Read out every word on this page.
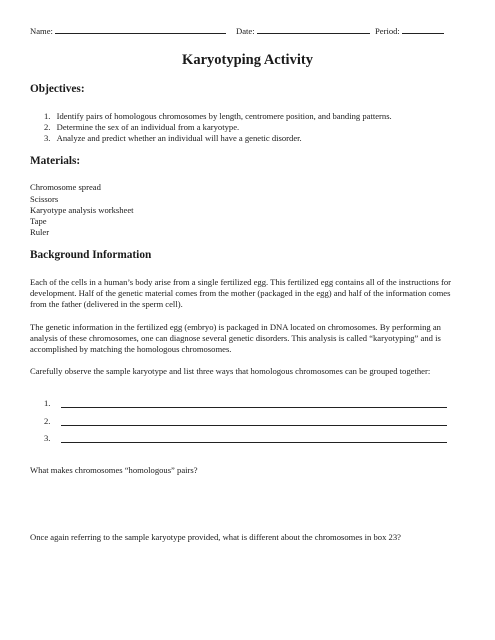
Name:	Date:	Period:
Karyotyping Activity
Objectives:
1. Identify pairs of homologous chromosomes by length, centromere position, and banding patterns.
2. Determine the sex of an individual from a karyotype.
3. Analyze and predict whether an individual will have a genetic disorder.
Materials:
Chromosome spread
Scissors
Karyotype analysis worksheet
Tape
Ruler
Background Information
Each of the cells in a human’s body arise from a single fertilized egg. This fertilized egg contains all of the instructions for development. Half of the genetic material comes from the mother (packaged in the egg) and half of the information comes from the father (delivered in the sperm cell).
The genetic information in the fertilized egg (embryo) is packaged in DNA located on chromosomes. By performing an analysis of these chromosomes, one can diagnose several genetic disorders. This analysis is called “karyotyping” and is accomplished by matching the homologous chromosomes.
Carefully observe the sample karyotype and list three ways that homologous chromosomes can be grouped together:
1.
2.
3.
What makes chromosomes “homologous” pairs?
Once again referring to the sample karyotype provided, what is different about the chromosomes in box 23?
